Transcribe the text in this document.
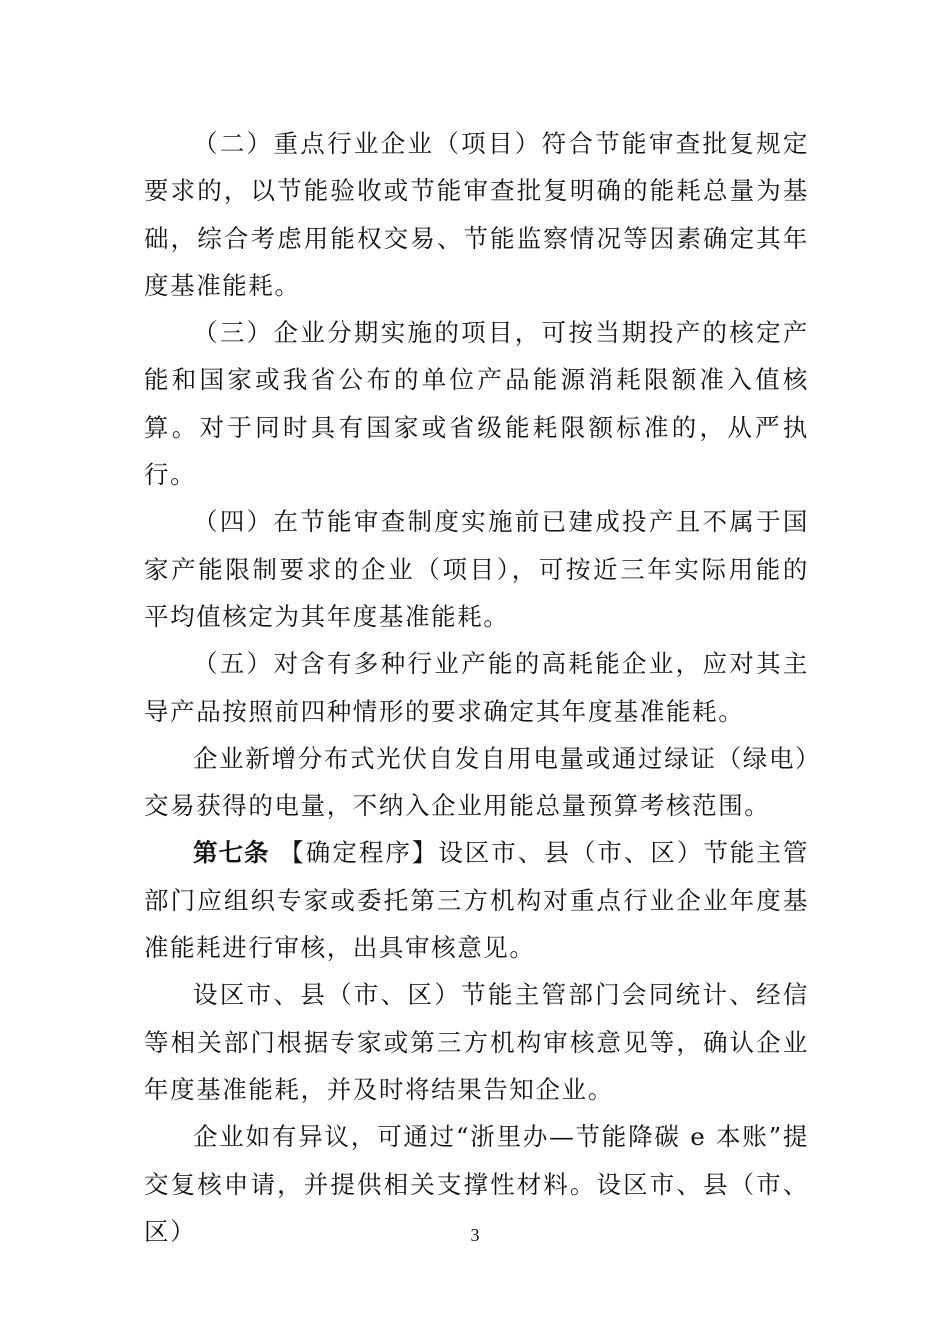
（二）重点行业企业（项目）符合节能审查批复规定要求的，以节能验收或节能审查批复明确的能耗总量为基础，综合考虑用能权交易、节能监察情况等因素确定其年度基准能耗。

（三）企业分期实施的项目，可按当期投产的核定产能和国家或我省公布的单位产品能源消耗限额准入值核算。对于同时具有国家或省级能耗限额标准的，从严执行。

（四）在节能审查制度实施前已建成投产且不属于国家产能限制要求的企业（项目），可按近三年实际用能的平均值核定为其年度基准能耗。

（五）对含有多种行业产能的高耗能企业，应对其主导产品按照前四种情形的要求确定其年度基准能耗。

企业新增分布式光伏自发自用电量或通过绿证（绿电）交易获得的电量，不纳入企业用能总量预算考核范围。

第七条 【确定程序】设区市、县（市、区）节能主管部门应组织专家或委托第三方机构对重点行业企业年度基准能耗进行审核，出具审核意见。

设区市、县（市、区）节能主管部门会同统计、经信等相关部门根据专家或第三方机构审核意见等，确认企业年度基准能耗，并及时将结果告知企业。

企业如有异议，可通过“浙里办—节能降碳 e 本账”提交复核申请，并提供相关支撑性材料。设区市、县（市、区）	3
